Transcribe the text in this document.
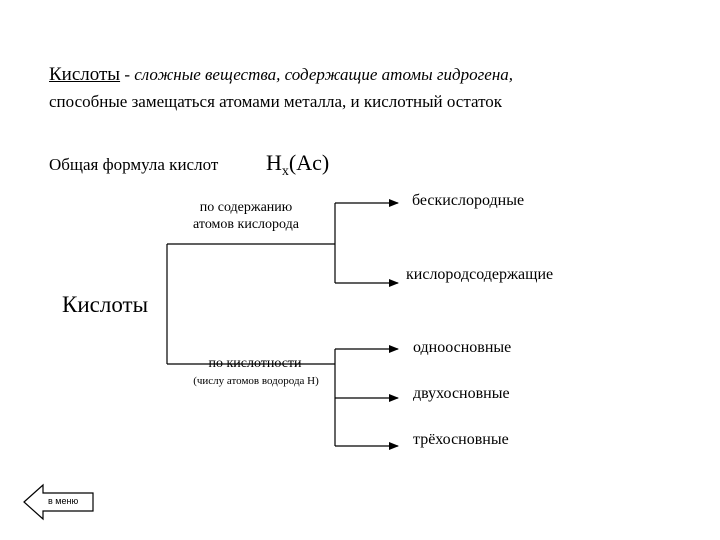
Кислоты - сложные вещества, содержащие атомы гидрогена,
способные замещаться атомами металла, и кислотный остаток
Общая формула кислот $H_x(Ac)$
Кислоты
по содержанию
атомов кислорода
бескислородные
кислородсодержащие
по кислотности
(числу атомов водорода Н)
одноосновные
двухосновные
трёхосновные
в меню
